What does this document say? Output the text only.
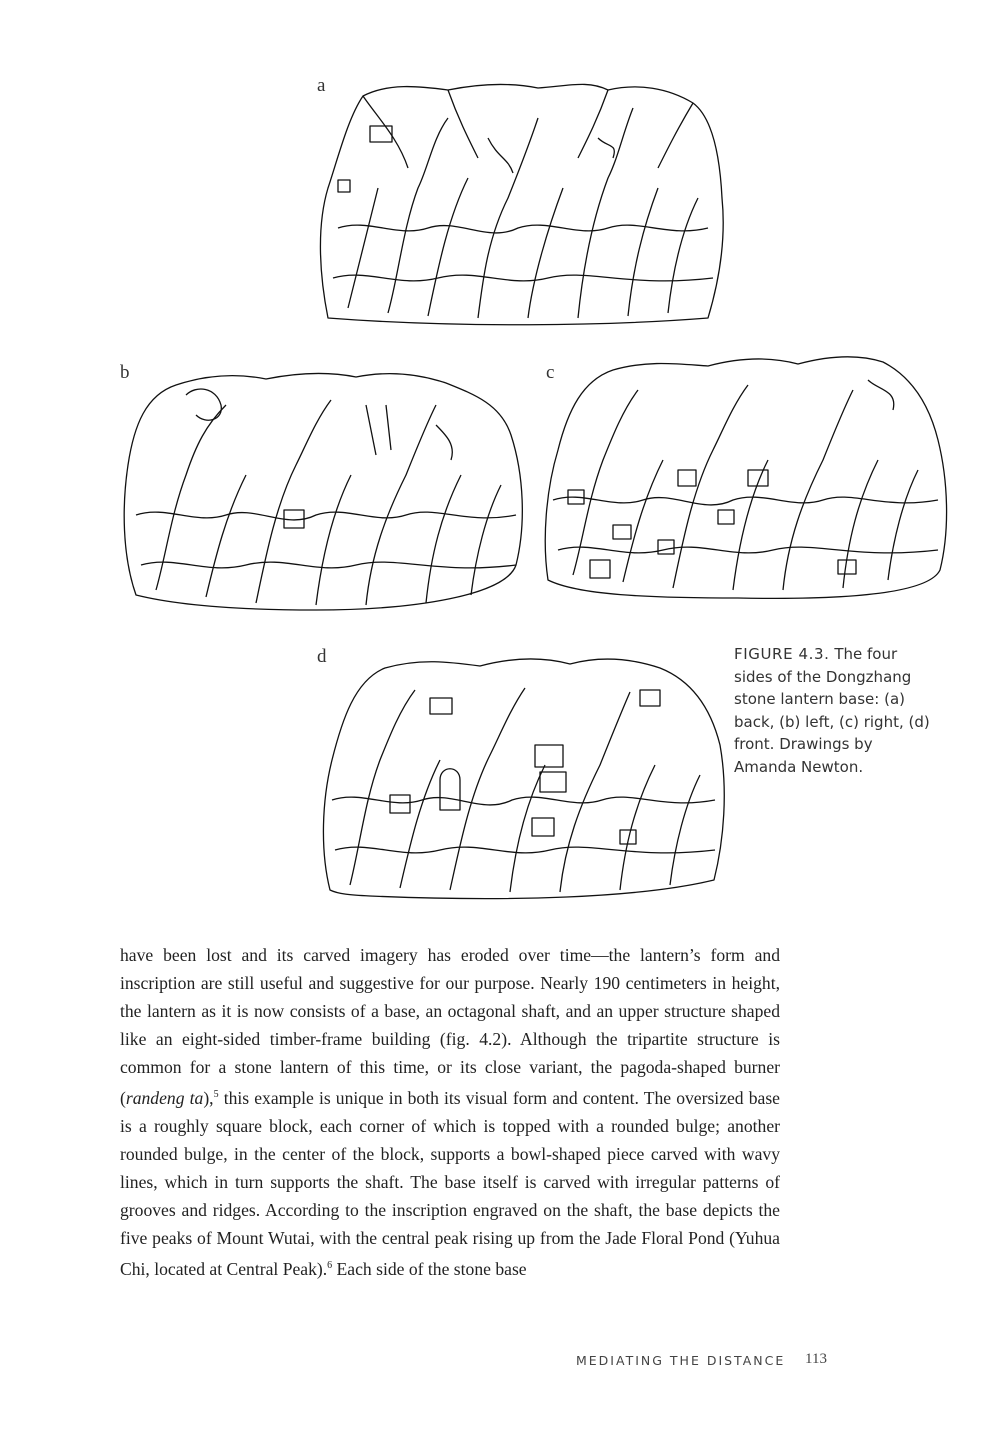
a
b	c
d	FIGURE 4.3. The four sides of the Dongzhang stone lantern base: (a) back, (b) left, (c) right, (d) front. Drawings by Amanda Newton.

have been lost and its carved imagery has eroded over time—the lantern’s form and inscription are still useful and suggestive for our purpose. Nearly 190 centimeters in height, the lantern as it is now consists of a base, an octagonal shaft, and an upper structure shaped like an eight-sided timber-frame building (fig. 4.2). Although the tripartite structure is common for a stone lantern of this time, or its close variant, the pagoda-shaped burner (randeng ta),$^5$ this example is unique in both its visual form and content. The oversized base is a roughly square block, each corner of which is topped with a rounded bulge; another rounded bulge, in the center of the block, supports a bowl-shaped piece carved with wavy lines, which in turn supports the shaft. The base itself is carved with irregular patterns of grooves and ridges. According to the inscription engraved on the shaft, the base depicts the five peaks of Mount Wutai, with the central peak rising up from the Jade Floral Pond (Yuhua Chi, located at Central Peak).$^6$ Each side of the stone base

MEDIATING THE DISTANCE 113
